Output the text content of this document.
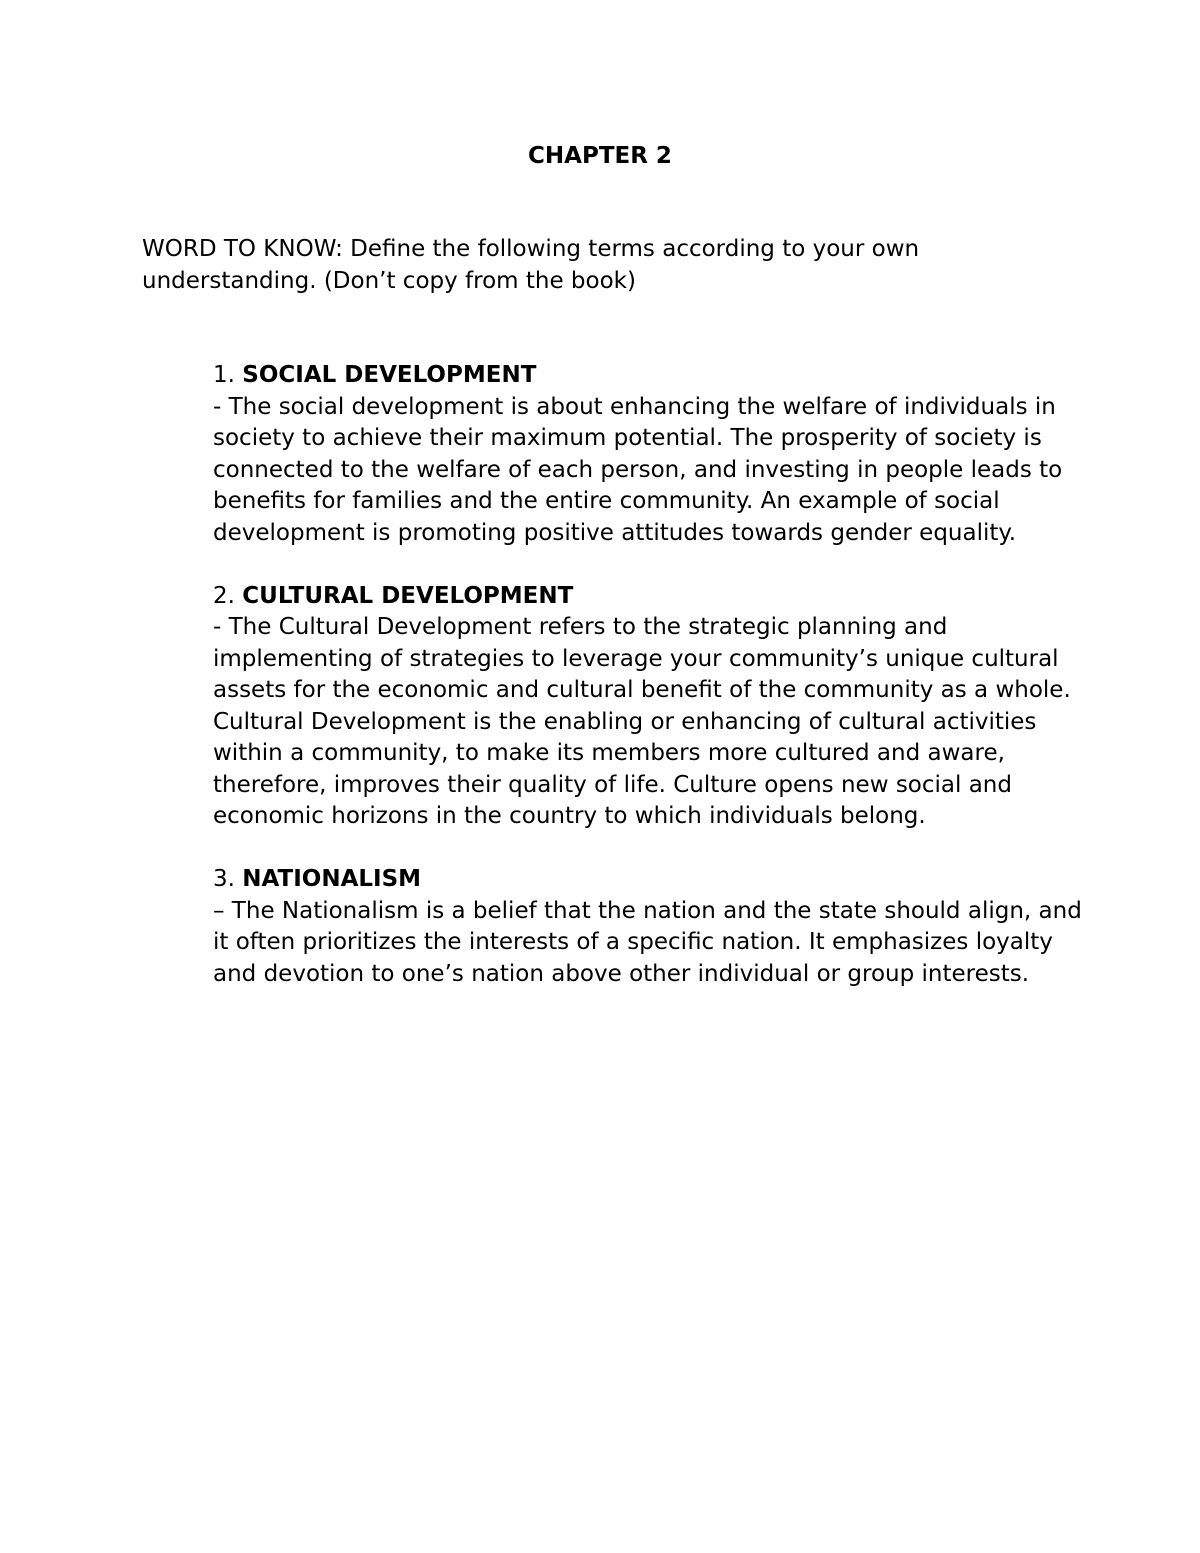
CHAPTER 2

WORD TO KNOW: Define the following terms according to your own understanding. (Don’t copy from the book)

1. SOCIAL DEVELOPMENT
- The social development is about enhancing the welfare of individuals in society to achieve their maximum potential. The prosperity of society is connected to the welfare of each person, and investing in people leads to benefits for families and the entire community. An example of social development is promoting positive attitudes towards gender equality.
2. CULTURAL DEVELOPMENT
- The Cultural Development refers to the strategic planning and implementing of strategies to leverage your community’s unique cultural assets for the economic and cultural benefit of the community as a whole. Cultural Development is the enabling or enhancing of cultural activities within a community, to make its members more cultured and aware, therefore, improves their quality of life. Culture opens new social and economic horizons in the country to which individuals belong.
3. NATIONALISM
– The Nationalism is a belief that the nation and the state should align, and it often prioritizes the interests of a specific nation. It emphasizes loyalty and devotion to one’s nation above other individual or group interests.
